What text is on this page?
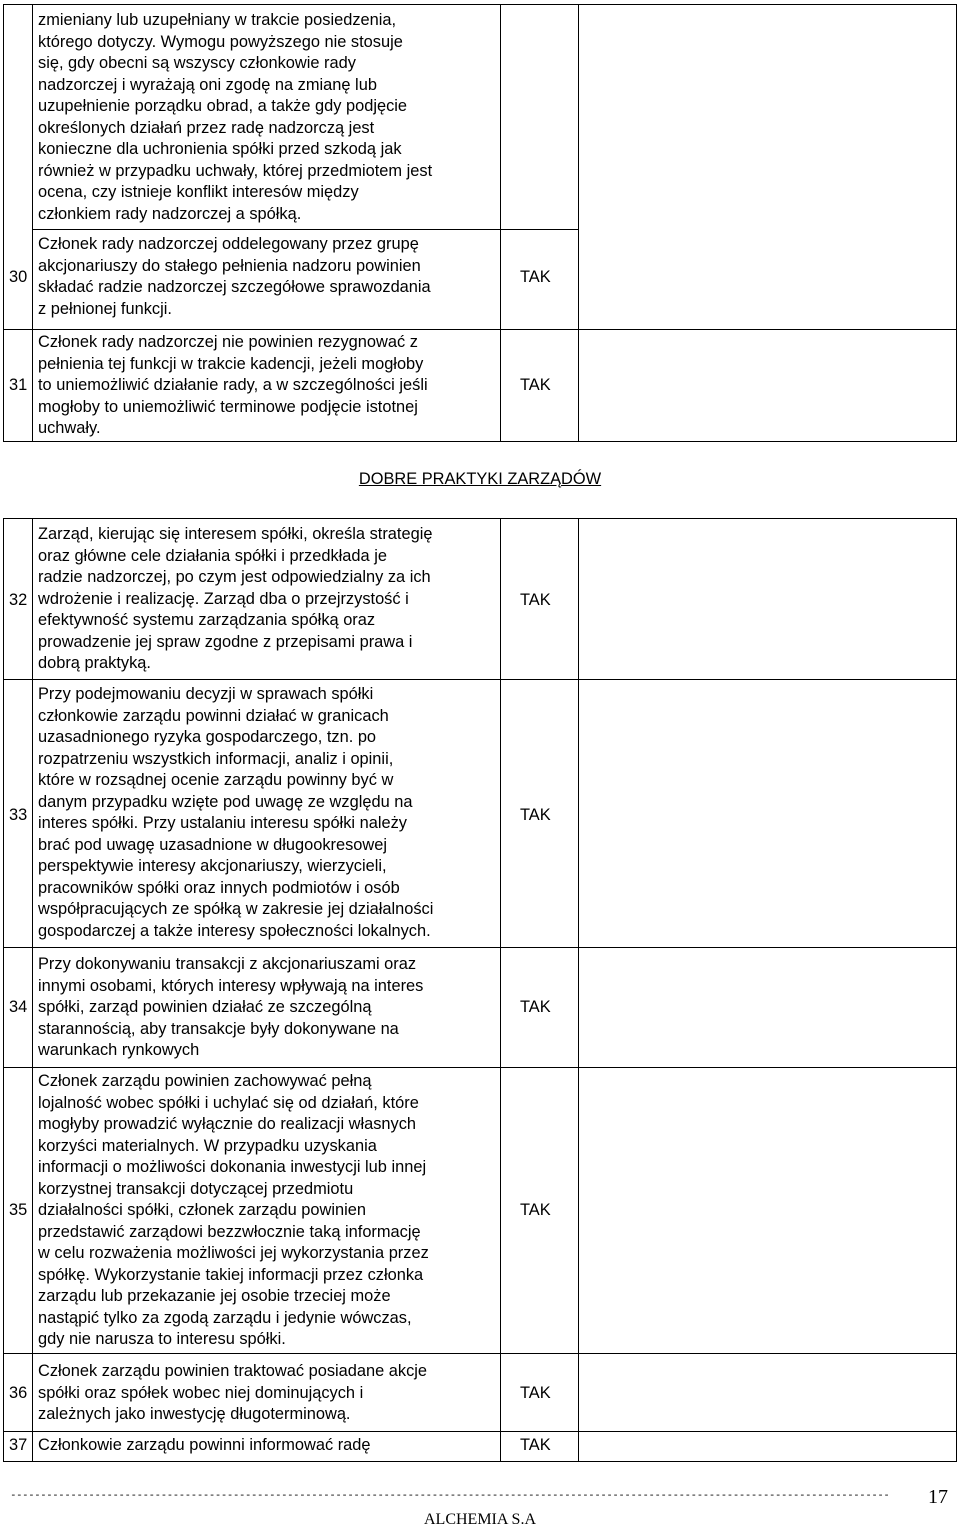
zmieniany lub uzupełniany w trakcie posiedzenia,
którego dotyczy. Wymogu powyższego nie stosuje
się, gdy obecni są wszyscy członkowie rady
nadzorczej i wyrażają oni zgodę na zmianę lub
uzupełnienie porządku obrad, a także gdy podjęcie
określonych działań przez radę nadzorczą jest
konieczne dla uchronienia spółki przed szkodą jak
również w przypadku uchwały, której przedmiotem jest
ocena, czy istnieje konflikt interesów między
członkiem rady nadzorczej a spółką.
30
Członek rady nadzorczej oddelegowany przez grupę
akcjonariuszy do stałego pełnienia nadzoru powinien
składać radzie nadzorczej szczegółowe sprawozdania
z pełnionej funkcji.
TAK
31
Członek rady nadzorczej nie powinien rezygnować z
pełnienia tej funkcji w trakcie kadencji, jeżeli mogłoby
to uniemożliwić działanie rady, a w szczególności jeśli
mogłoby to uniemożliwić terminowe podjęcie istotnej
uchwały.
TAK
DOBRE PRAKTYKI ZARZĄDÓW
32
Zarząd, kierując się interesem spółki, określa strategię
oraz główne cele działania spółki i przedkłada je
radzie nadzorczej, po czym jest odpowiedzialny za ich
wdrożenie i realizację. Zarząd dba o przejrzystość i
efektywność systemu zarządzania spółką oraz
prowadzenie jej spraw zgodne z przepisami prawa i
dobrą praktyką.
TAK
33
Przy podejmowaniu decyzji w sprawach spółki
członkowie zarządu powinni działać w granicach
uzasadnionego ryzyka gospodarczego, tzn. po
rozpatrzeniu wszystkich informacji, analiz i opinii,
które w rozsądnej ocenie zarządu powinny być w
danym przypadku wzięte pod uwagę ze względu na
interes spółki. Przy ustalaniu interesu spółki należy
brać pod uwagę uzasadnione w długookresowej
perspektywie interesy akcjonariuszy, wierzycieli,
pracowników spółki oraz innych podmiotów i osób
współpracujących ze spółką w zakresie jej działalności
gospodarczej a także interesy społeczności lokalnych.
TAK
34
Przy dokonywaniu transakcji z akcjonariuszami oraz
innymi osobami, których interesy wpływają na interes
spółki, zarząd powinien działać ze szczególną
starannością, aby transakcje były dokonywane na
warunkach rynkowych
TAK
35
Członek zarządu powinien zachowywać pełną
lojalność wobec spółki i uchylać się od działań, które
mogłyby prowadzić wyłącznie do realizacji własnych
korzyści materialnych. W przypadku uzyskania
informacji o możliwości dokonania inwestycji lub innej
korzystnej transakcji dotyczącej przedmiotu
działalności spółki, członek zarządu powinien
przedstawić zarządowi bezzwłocznie taką informację
w celu rozważenia możliwości jej wykorzystania przez
spółkę. Wykorzystanie takiej informacji przez członka
zarządu lub przekazanie jej osobie trzeciej może
nastąpić tylko za zgodą zarządu i jedynie wówczas,
gdy nie narusza to interesu spółki.
TAK
36
Członek zarządu powinien traktować posiadane akcje
spółki oraz spółek wobec niej dominujących i
zależnych jako inwestycję długoterminową.
TAK
37 Członkowie zarządu powinni informować radę	TAK
--------------------------------------------------------------------------------------------------------------------------------------------------	17
ALCHEMIA S.A
